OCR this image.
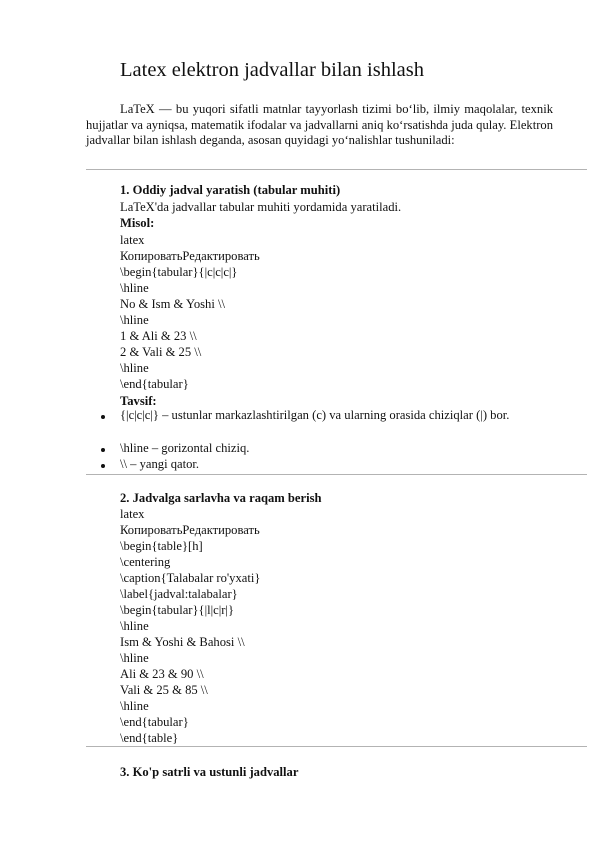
Latex elektron jadvallar bilan ishlash
LaTeX — bu yuqori sifatli matnlar tayyorlash tizimi bo‘lib, ilmiy maqolalar, texnik hujjatlar va ayniqsa, matematik ifodalar va jadvallarni aniq ko‘rsatishda juda qulay. Elektron jadvallar bilan ishlash deganda, asosan quyidagi yo‘nalishlar tushuniladi:
1. Oddiy jadval yaratish (tabular muhiti)
LaTeX'da jadvallar tabular muhiti yordamida yaratiladi.
Misol:
latex
КопироватьРедактировать
\begin{tabular}{|c|c|c|}
\hline
No & Ism & Yoshi \\
\hline
1 & Ali & 23 \\
2 & Vali & 25 \\
\hline
\end{tabular}
Tavsif:
{|c|c|c|} – ustunlar markazlashtirilgan (c) va ularning orasida chiziqlar (|) bor.
\hline – gorizontal chiziq.
\\ – yangi qator.
2. Jadvalga sarlavha va raqam berish
latex
КопироватьРедактировать
\begin{table}[h]
\centering
\caption{Talabalar ro'yxati}
\label{jadval:talabalar}
\begin{tabular}{|l|c|r|}
\hline
Ism & Yoshi & Bahosi \\
\hline
Ali & 23 & 90 \\
Vali & 25 & 85 \\
\hline
\end{tabular}
\end{table}
3. Ko'p satrli va ustunli jadvallar
